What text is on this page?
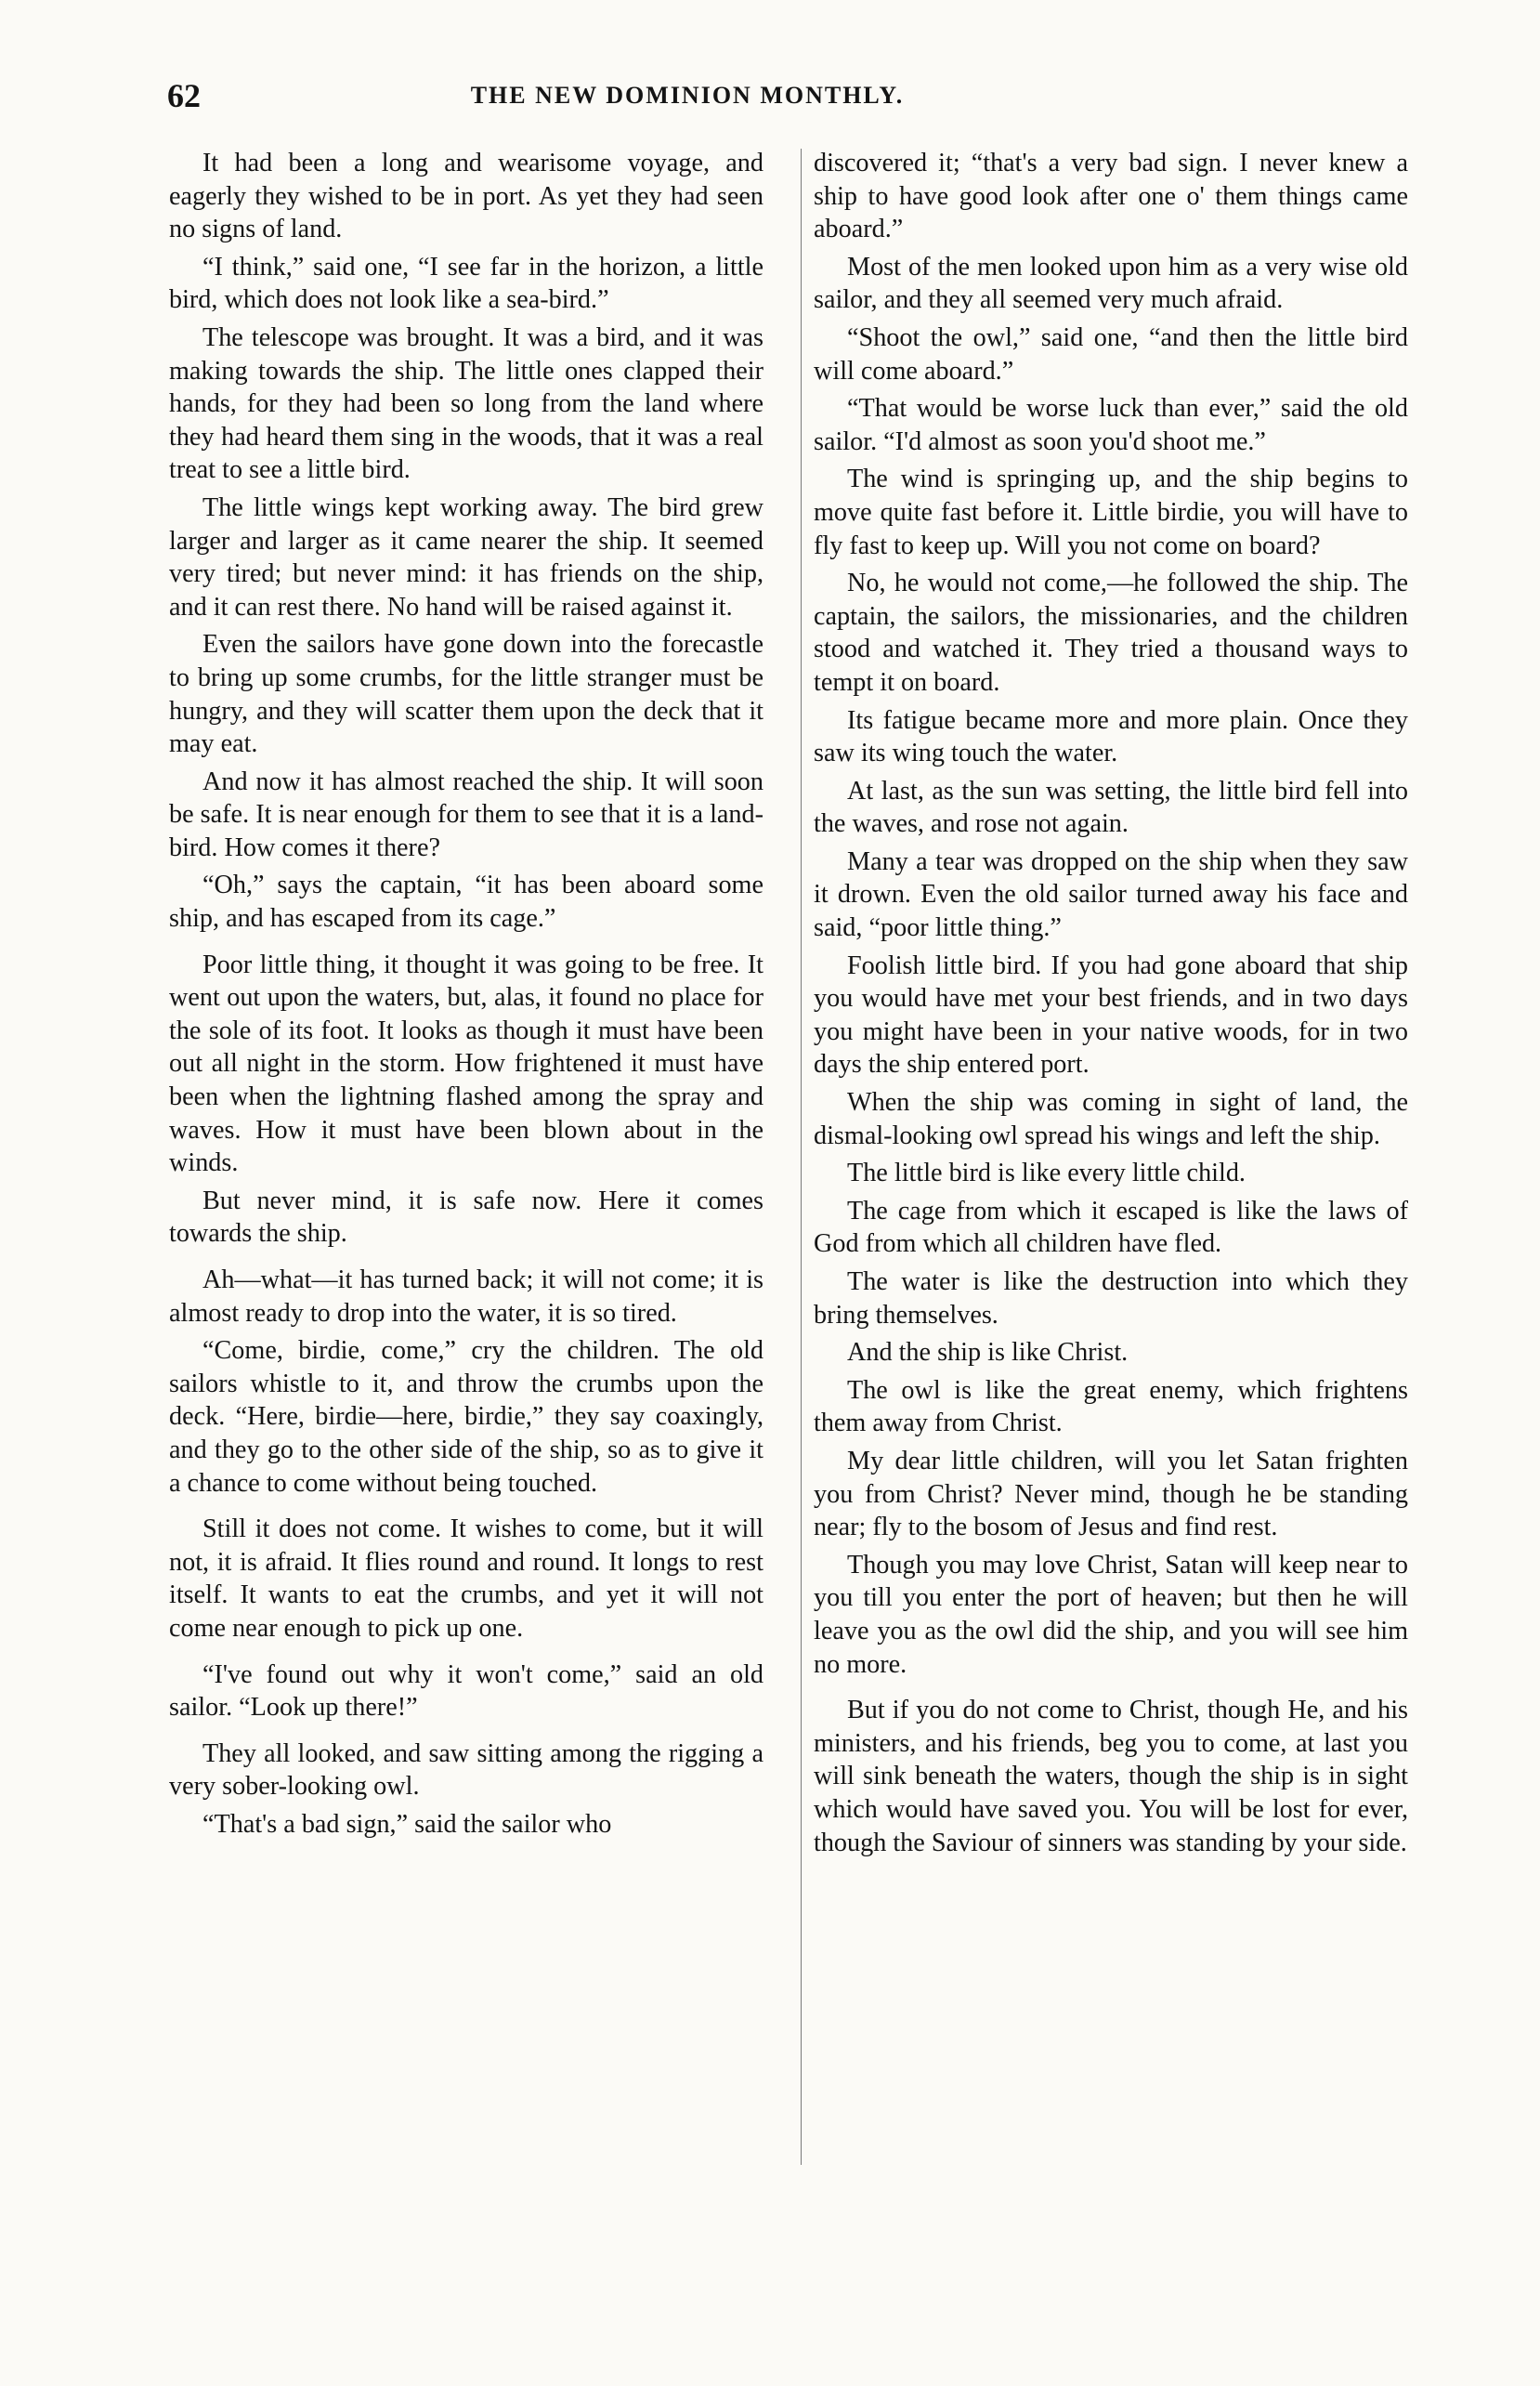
62	THE NEW DOMINION MONTHLY.

It had been a long and wearisome voyage, and eagerly they wished to be in port. As yet they had seen no signs of land.

“I think,” said one, “I see far in the horizon, a little bird, which does not look like a sea-bird.”

The telescope was brought. It was a bird, and it was making towards the ship. The little ones clapped their hands, for they had been so long from the land where they had heard them sing in the woods, that it was a real treat to see a little bird.

The little wings kept working away. The bird grew larger and larger as it came nearer the ship. It seemed very tired; but never mind: it has friends on the ship, and it can rest there. No hand will be raised against it.

Even the sailors have gone down into the forecastle to bring up some crumbs, for the little stranger must be hungry, and they will scatter them upon the deck that it may eat.

And now it has almost reached the ship. It will soon be safe. It is near enough for them to see that it is a land-bird. How comes it there?

“Oh,” says the captain, “it has been aboard some ship, and has escaped from its cage.”

Poor little thing, it thought it was going to be free. It went out upon the waters, but, alas, it found no place for the sole of its foot. It looks as though it must have been out all night in the storm. How frightened it must have been when the lightning flashed among the spray and waves. How it must have been blown about in the winds.

But never mind, it is safe now. Here it comes towards the ship.

Ah—what—it has turned back; it will not come; it is almost ready to drop into the water, it is so tired.

“Come, birdie, come,” cry the children. The old sailors whistle to it, and throw the crumbs upon the deck. “Here, birdie—here, birdie,” they say coaxingly, and they go to the other side of the ship, so as to give it a chance to come without being touched.

Still it does not come. It wishes to come, but it will not, it is afraid. It flies round and round. It longs to rest itself. It wants to eat the crumbs, and yet it will not come near enough to pick up one.

“I've found out why it won't come,” said an old sailor. “Look up there!”

They all looked, and saw sitting among the rigging a very sober-looking owl.

“That's a bad sign,” said the sailor who

discovered it; “that's a very bad sign. I never knew a ship to have good look after one o' them things came aboard.”

Most of the men looked upon him as a very wise old sailor, and they all seemed very much afraid.

“Shoot the owl,” said one, “and then the little bird will come aboard.”

“That would be worse luck than ever,” said the old sailor. “I'd almost as soon you'd shoot me.”

The wind is springing up, and the ship begins to move quite fast before it. Little birdie, you will have to fly fast to keep up. Will you not come on board?

No, he would not come,—he followed the ship. The captain, the sailors, the missionaries, and the children stood and watched it. They tried a thousand ways to tempt it on board.

Its fatigue became more and more plain. Once they saw its wing touch the water.

At last, as the sun was setting, the little bird fell into the waves, and rose not again.

Many a tear was dropped on the ship when they saw it drown. Even the old sailor turned away his face and said, “poor little thing.”

Foolish little bird. If you had gone aboard that ship you would have met your best friends, and in two days you might have been in your native woods, for in two days the ship entered port.

When the ship was coming in sight of land, the dismal-looking owl spread his wings and left the ship.

The little bird is like every little child.

The cage from which it escaped is like the laws of God from which all children have fled.

The water is like the destruction into which they bring themselves.

And the ship is like Christ.

The owl is like the great enemy, which frightens them away from Christ.

My dear little children, will you let Satan frighten you from Christ? Never mind, though he be standing near; fly to the bosom of Jesus and find rest.

Though you may love Christ, Satan will keep near to you till you enter the port of heaven; but then he will leave you as the owl did the ship, and you will see him no more.

But if you do not come to Christ, though He, and his ministers, and his friends, beg you to come, at last you will sink beneath the waters, though the ship is in sight which would have saved you. You will be lost for ever, though the Saviour of sinners was standing by your side.
